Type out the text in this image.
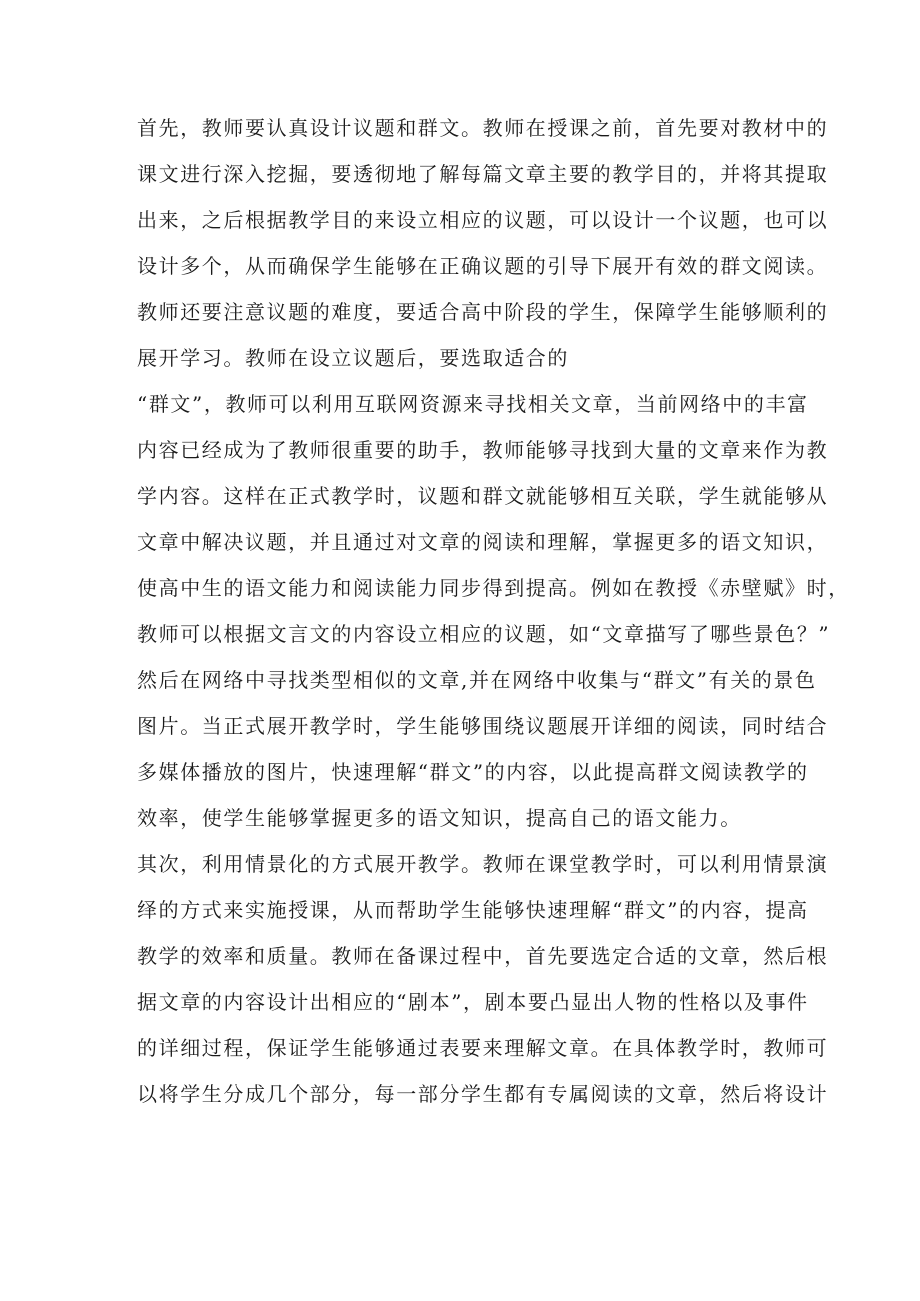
首先，教师要认真设计议题和群文。教师在授课之前，首先要对教材中的
课文进行深入挖掘，要透彻地了解每篇文章主要的教学目的，并将其提取
出来，之后根据教学目的来设立相应的议题，可以设计一个议题，也可以
设计多个，从而确保学生能够在正确议题的引导下展开有效的群文阅读。
教师还要注意议题的难度，要适合高中阶段的学生，保障学生能够顺利的
展开学习。教师在设立议题后，要选取适合的
“群文”，教师可以利用互联网资源来寻找相关文章，当前网络中的丰富
内容已经成为了教师很重要的助手，教师能够寻找到大量的文章来作为教
学内容。这样在正式教学时，议题和群文就能够相互关联，学生就能够从
文章中解决议题，并且通过对文章的阅读和理解，掌握更多的语文知识，
使高中生的语文能力和阅读能力同步得到提高。例如在教授《赤壁赋》时，
教师可以根据文言文的内容设立相应的议题，如“文章描写了哪些景色？”
然后在网络中寻找类型相似的文章,并在网络中收集与“群文”有关的景色
图片。当正式展开教学时，学生能够围绕议题展开详细的阅读，同时结合
多媒体播放的图片，快速理解“群文”的内容，以此提高群文阅读教学的
效率，使学生能够掌握更多的语文知识，提高自己的语文能力。
其次，利用情景化的方式展开教学。教师在课堂教学时，可以利用情景演
绎的方式来实施授课，从而帮助学生能够快速理解“群文”的内容，提高
教学的效率和质量。教师在备课过程中，首先要选定合适的文章，然后根
据文章的内容设计出相应的“剧本”，剧本要凸显出人物的性格以及事件
的详细过程，保证学生能够通过表要来理解文章。在具体教学时，教师可
以将学生分成几个部分，每一部分学生都有专属阅读的文章，然后将设计
